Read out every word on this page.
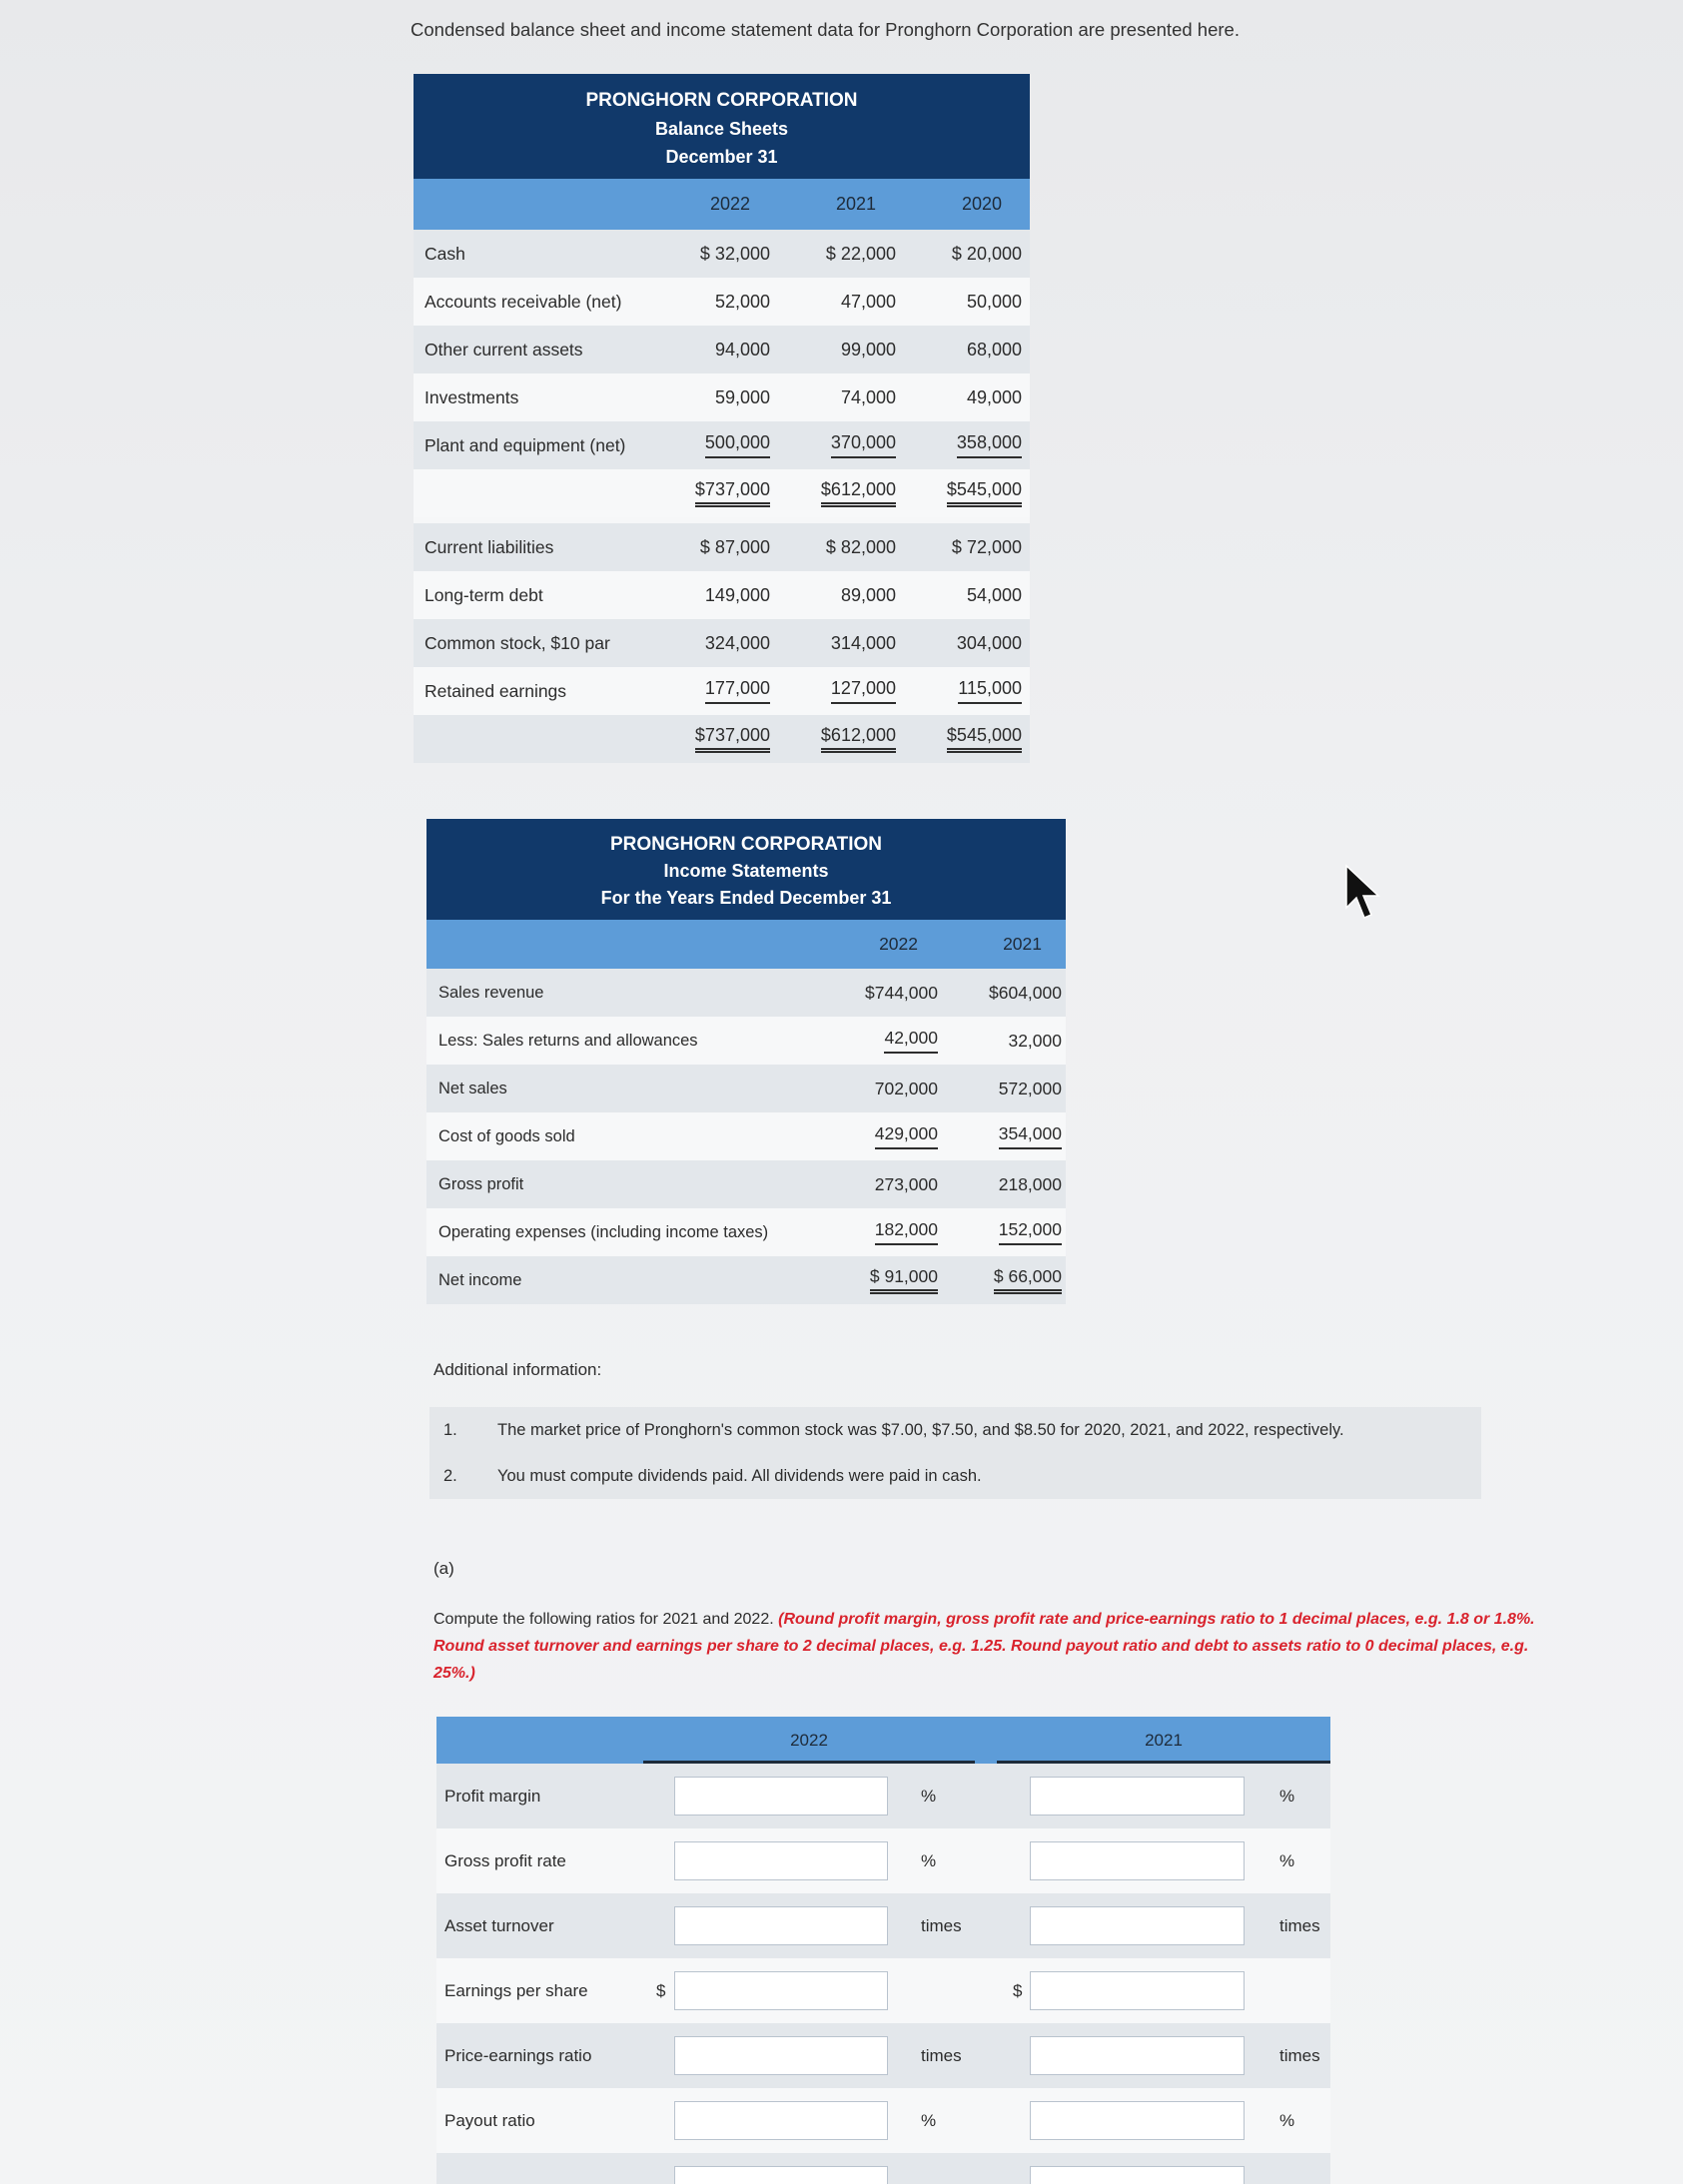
Condensed balance sheet and income statement data for Pronghorn Corporation are presented here.
PRONGHORN CORPORATION
Balance Sheets
December 31
2022	2021	2020
Cash	$ 32,000	$ 22,000	$ 20,000
Accounts receivable (net)	52,000	47,000	50,000
Other current assets	94,000	99,000	68,000
Investments	59,000	74,000	49,000
Plant and equipment (net)	500,000	370,000	358,000
$737,000	$612,000	$545,000
Current liabilities	$ 87,000	$ 82,000	$ 72,000
Long-term debt	149,000	89,000	54,000
Common stock, $10 par	324,000	314,000	304,000
Retained earnings	177,000	127,000	115,000
$737,000	$612,000	$545,000
PRONGHORN CORPORATION
Income Statements
For the Years Ended December 31
2022	2021
Sales revenue	$744,000	$604,000
Less: Sales returns and allowances	42,000	32,000
Net sales	702,000	572,000
Cost of goods sold	429,000	354,000
Gross profit	273,000	218,000
Operating expenses (including income taxes)	182,000	152,000
Net income	$ 91,000	$ 66,000
Additional information:
1. The market price of Pronghorn's common stock was $7.00, $7.50, and $8.50 for 2020, 2021, and 2022, respectively.
2. You must compute dividends paid. All dividends were paid in cash.
(a)
Compute the following ratios for 2021 and 2022. (Round profit margin, gross profit rate and price-earnings ratio to 1 decimal places, e.g. 1.8 or 1.8%. Round asset turnover and earnings per share to 2 decimal places, e.g. 1.25. Round payout ratio and debt to assets ratio to 0 decimal places, e.g. 25%.)
2022	2021
Profit margin	%	%
Gross profit rate	%	%
Asset turnover	times	times
Earnings per share	$	$
Price-earnings ratio	times	times
Payout ratio	%	%
